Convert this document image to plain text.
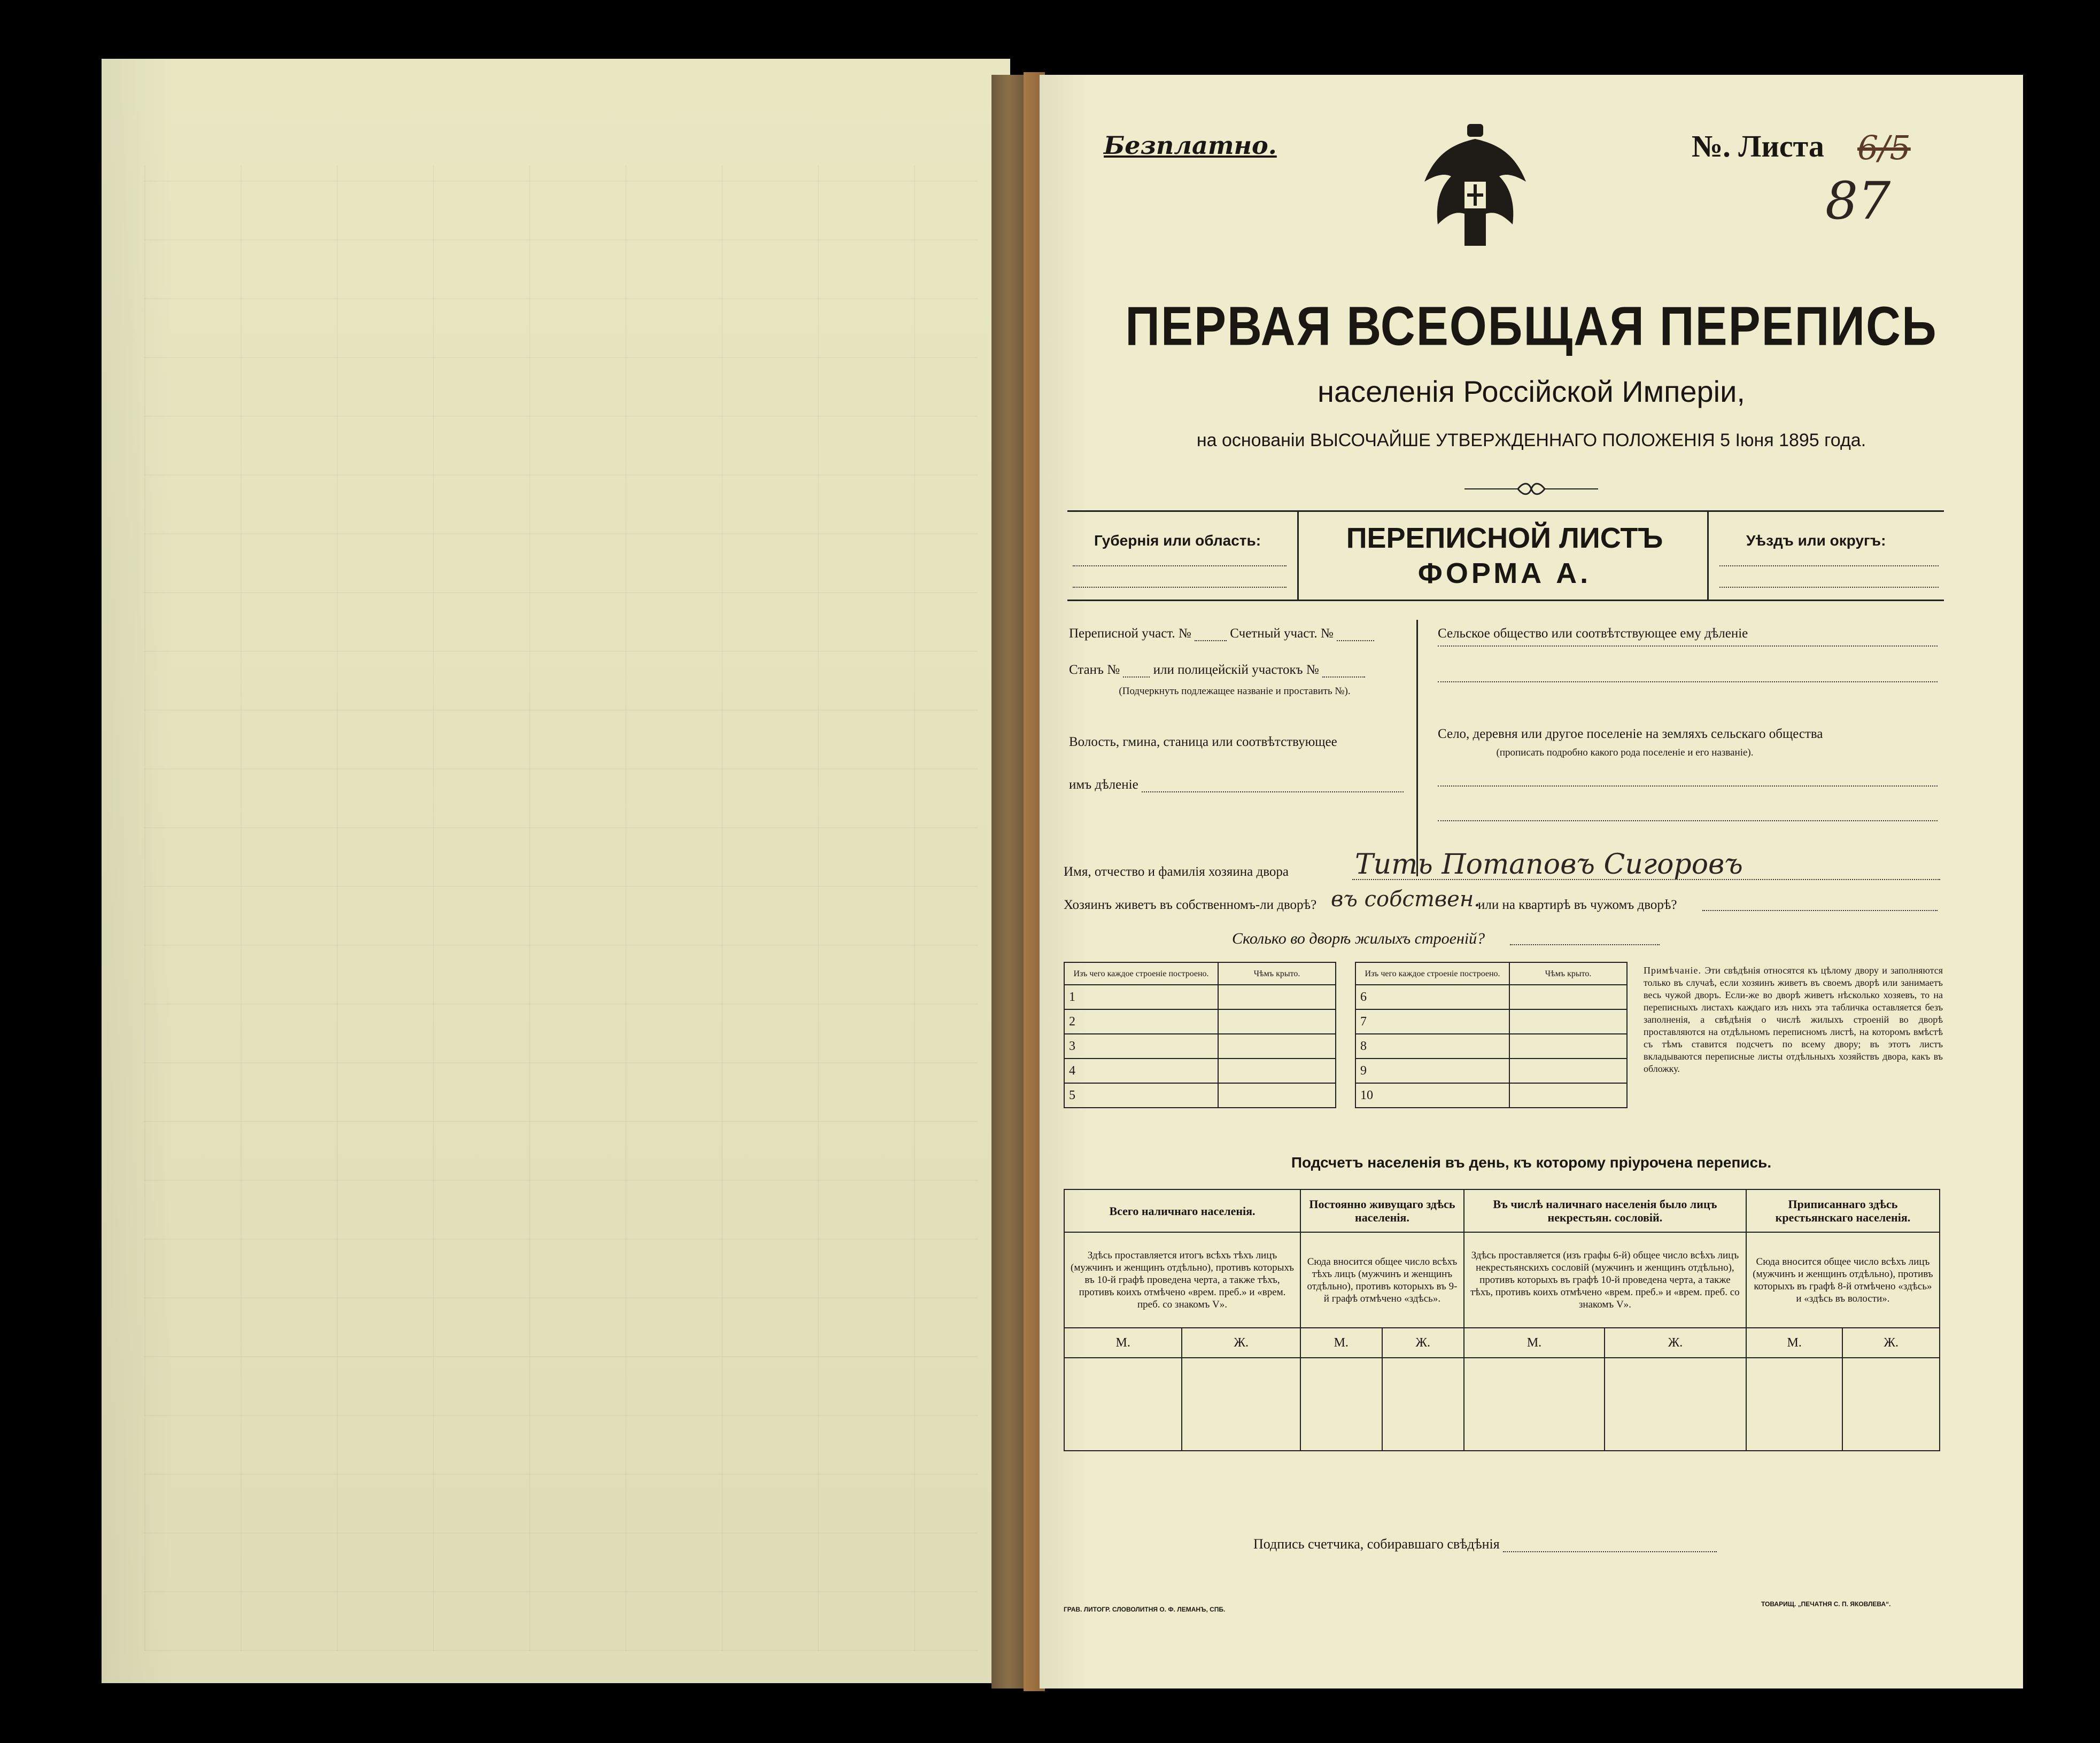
Безплатно.	№. Листа 6/5
87
ПЕРВАЯ ВСЕОБЩАЯ ПЕРЕПИСЬ
населенія Россійской Имперіи,
на основаніи ВЫСОЧАЙШЕ УТВЕРЖДЕННАГО ПОЛОЖЕНІЯ 5 Іюня 1895 года.
Губернія или область:	ПЕРЕПИСНОЙ ЛИСТЪ
ФОРМА А.
Уѣздъ или округъ:
Переписной участ. №	Счетный участ. №
Станъ №	или полицейскій участокъ №
(Подчеркнуть подлежащее названіе и проставить №).
Волость, гмина, станица или соотвѣтствующее
имъ дѣленіе
Сельское общество или соотвѣтствующее ему дѣленіе
Село, деревня или другое поселеніе на земляхъ сельскаго общества
(прописать подробно какого рода поселеніе и его названіе).
Имя, отчество и фамилія хозяина двора Тить Потаповъ Сигоровъ
Хозяинъ живетъ въ собственномъ-ли дворѣ? въ собствен.
или на квартирѣ въ чужомъ дворѣ?
Сколько во дворѣ жилыхъ строеній?
Изъ чего каждое строеніе построено.	Чѣмъ крыто.
1	
2	
3	
4	
5	
Изъ чего каждое строеніе построено.	Чѣмъ крыто.
6	
7	
8	
9	
10	
Примѣчаніе. Эти свѣдѣнія относятся къ цѣлому двору и заполняются только въ случаѣ, если хозяинъ живетъ въ своемъ дворѣ или занимаетъ весь чужой дворъ. Если-же во дворѣ живетъ нѣсколько хозяевъ, то на переписныхъ листахъ каждаго изъ нихъ эта табличка оставляется безъ заполненія, а свѣдѣнія о числѣ жилыхъ строеній во дворѣ проставляются на отдѣльномъ переписномъ листѣ, на которомъ вмѣстѣ съ тѣмъ ставится подсчетъ по всему двору; въ этотъ листъ вкладываются переписные листы отдѣльныхъ хозяйствъ двора, какъ въ обложку.
Подсчетъ населенія въ день, къ которому пріурочена перепись.
Всего наличнаго населенія.		Постоянно живущаго здѣсь населенія.		Въ числѣ наличнаго населенія было лицъ некрестьян. сословій.		Приписаннаго здѣсь крестьянскаго населенія.	
Здѣсь проставляется итогъ всѣхъ тѣхъ лицъ (мужчинъ и женщинъ отдѣльно), противъ которыхъ въ 10-й графѣ проведена черта, а также тѣхъ, противъ коихъ отмѣчено «врем. преб.» и «врем. преб. со знакомъ V».		Сюда вносится общее число всѣхъ тѣхъ лицъ (мужчинъ и женщинъ отдѣльно), противъ которыхъ въ 9-й графѣ отмѣчено «здѣсь».		Здѣсь проставляется (изъ графы 6-й) общее число всѣхъ лицъ некрестьянскихъ сословій (мужчинъ и женщинъ отдѣльно), противъ которыхъ въ графѣ 10-й проведена черта, а также тѣхъ, противъ коихъ отмѣчено «врем. преб.» и «врем. преб. со знакомъ V».		Сюда вносится общее число всѣхъ лицъ (мужчинъ и женщинъ отдѣльно), противъ которыхъ въ графѣ 8-й отмѣчено «здѣсь» и «здѣсь въ волости».	
М.	Ж.	М.	Ж.	М.	Ж.	М.	Ж.

Подпись счетчика, собиравшаго свѣдѣнія
ГРАВ. ЛИТОГР. СЛОВОЛИТНЯ О. Ф. ЛЕМАНЪ, СПБ.
ТОВАРИЩ. „ПЕЧАТНЯ С. П. ЯКОВЛЕВА“.
